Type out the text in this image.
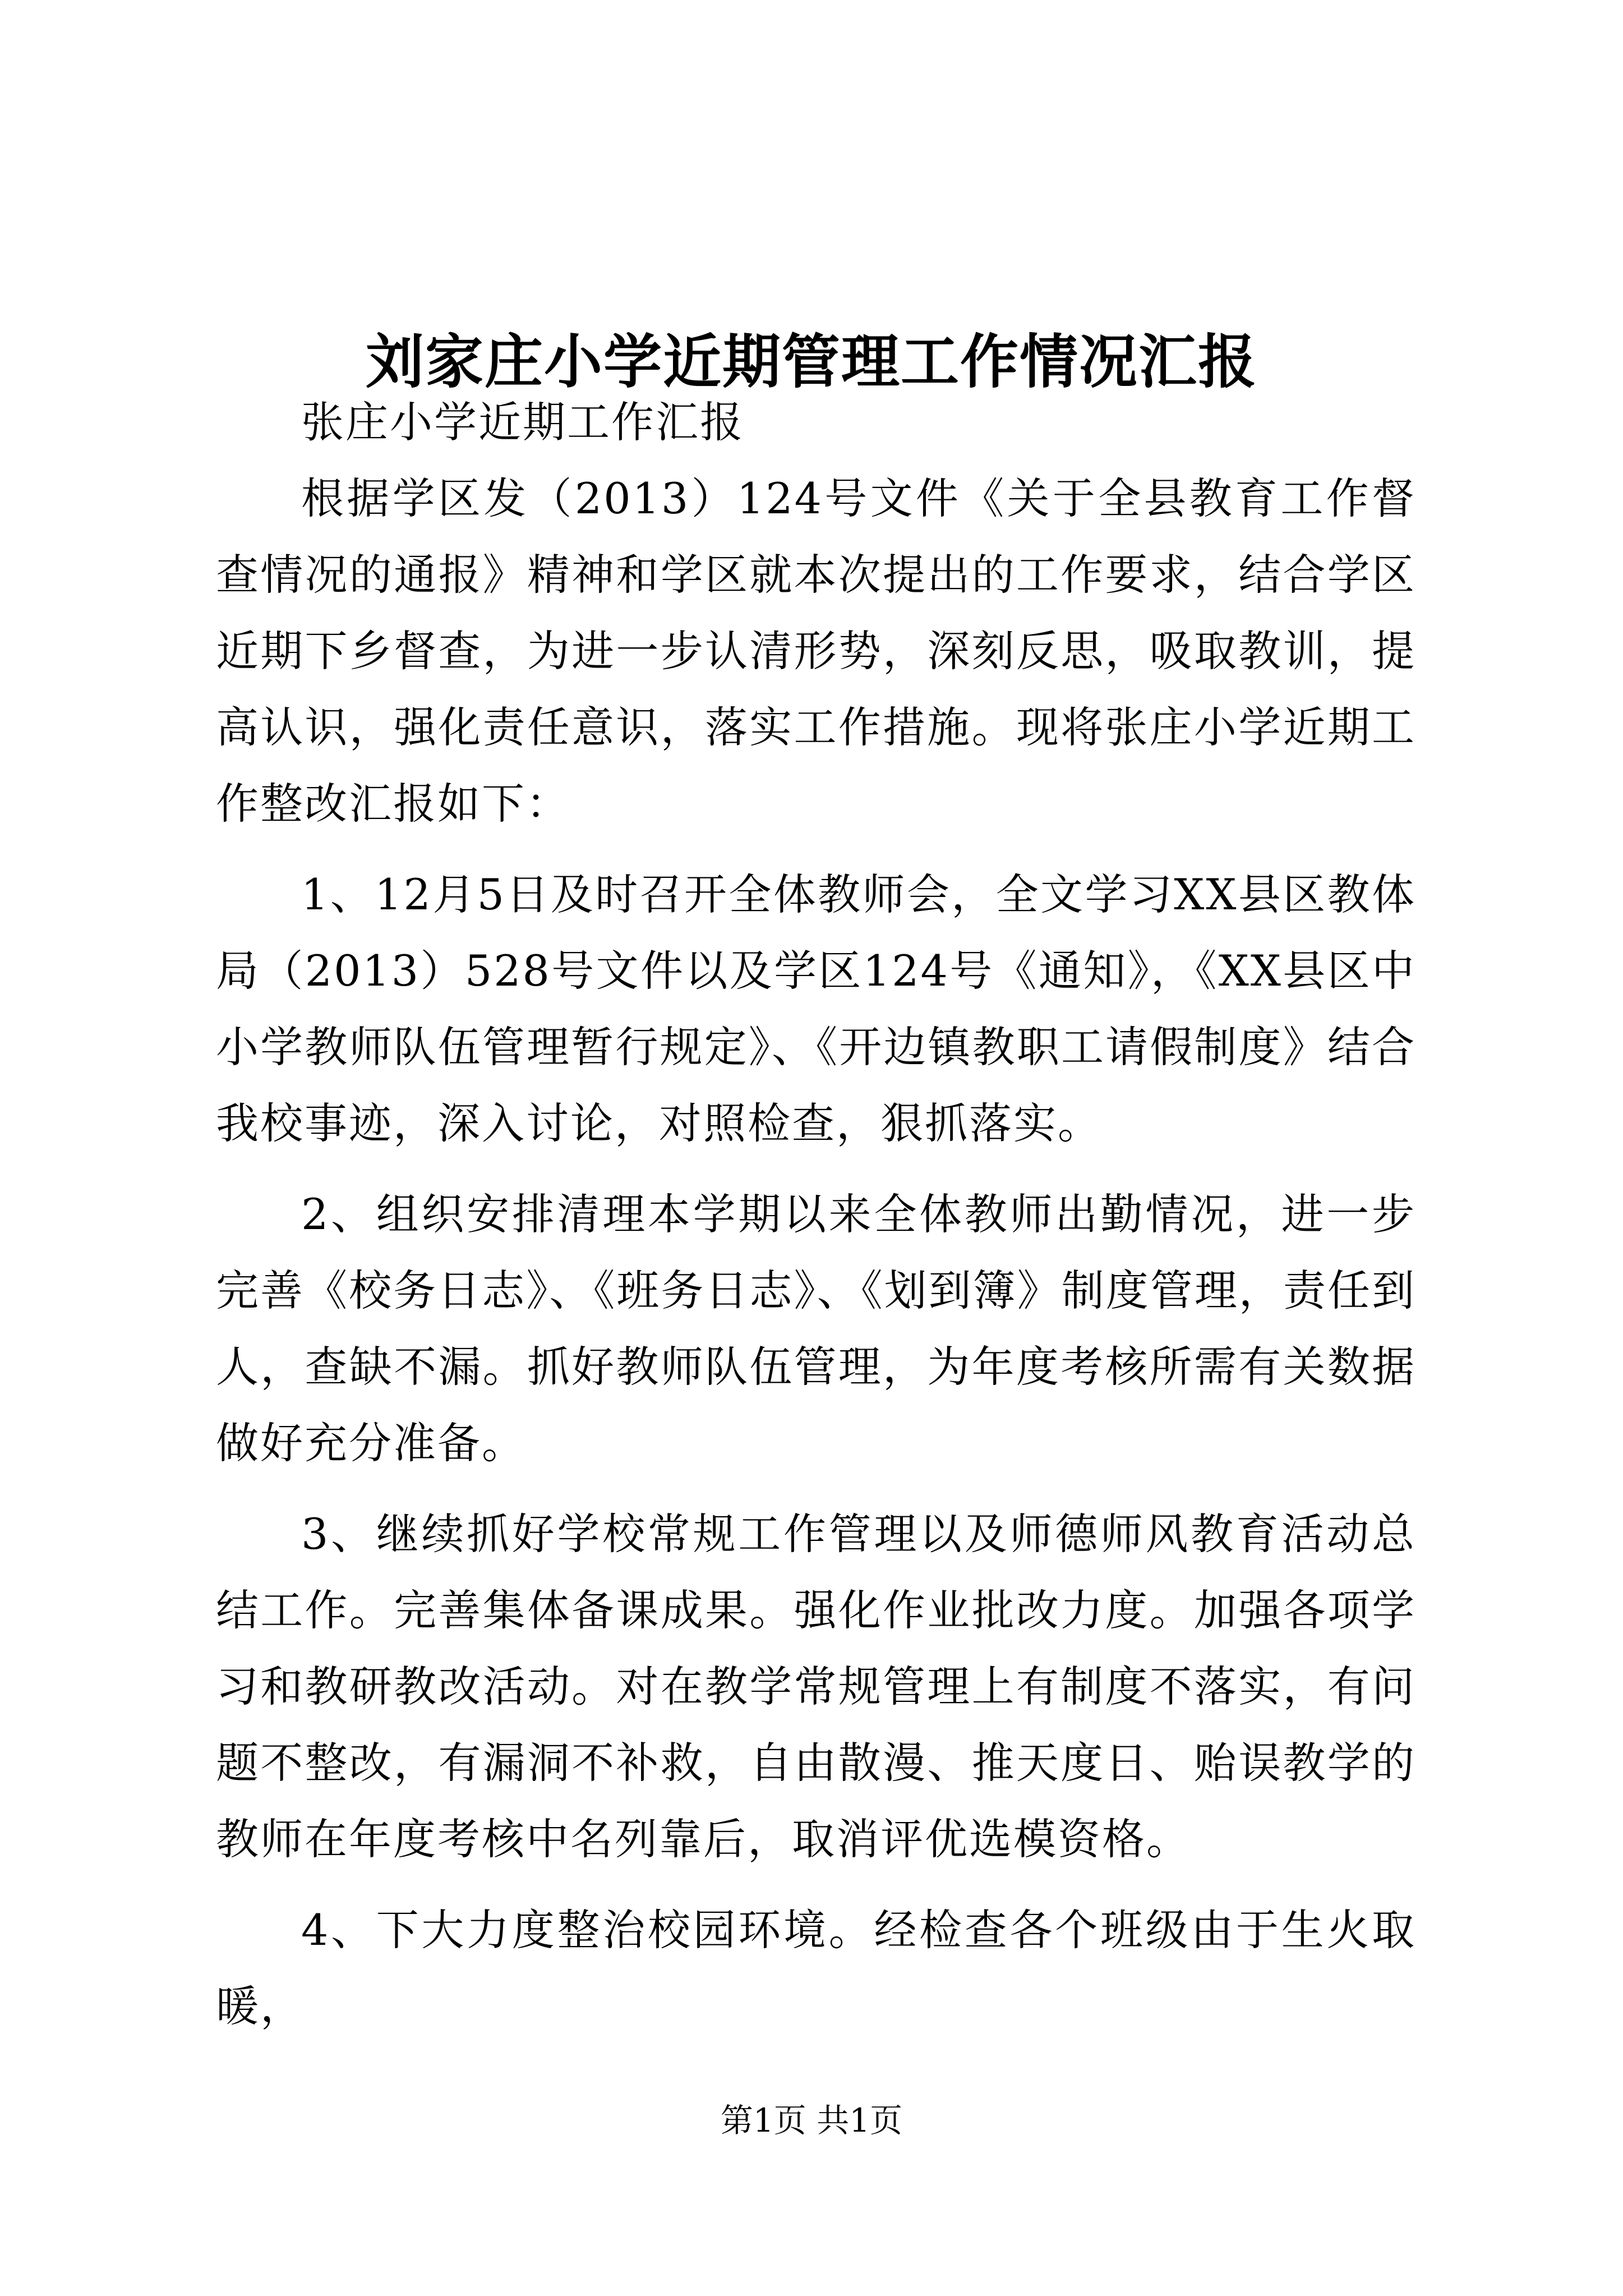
刘家庄小学近期管理工作情况汇报

张庄小学近期工作汇报

根据学区发（2013）124号文件《关于全县教育工作督查情况的通报》精神和学区就本次提出的工作要求，结合学区近期下乡督查，为进一步认清形势，深刻反思，吸取教训，提高认识，强化责任意识，落实工作措施。现将张庄小学近期工作整改汇报如下：

1、12月5日及时召开全体教师会，全文学习XX县区教体局（2013）528号文件以及学区124号《通知》，《XX县区中小学教师队伍管理暂行规定》、《开边镇教职工请假制度》结合我校事迹，深入讨论，对照检查，狠抓落实。

2、组织安排清理本学期以来全体教师出勤情况，进一步完善《校务日志》、《班务日志》、《划到簿》制度管理，责任到人，查缺不漏。抓好教师队伍管理，为年度考核所需有关数据做好充分准备。

3、继续抓好学校常规工作管理以及师德师风教育活动总结工作。完善集体备课成果。强化作业批改力度。加强各项学习和教研教改活动。对在教学常规管理上有制度不落实，有问题不整改，有漏洞不补救，自由散漫、推天度日、贻误教学的教师在年度考核中名列靠后，取消评优选模资格。

4、下大力度整治校园环境。经检查各个班级由于生火取暖，

第1页 共1页
